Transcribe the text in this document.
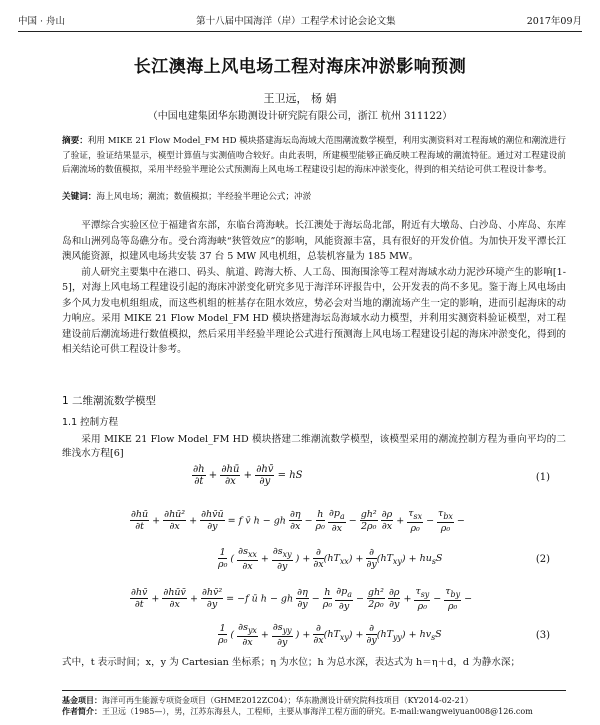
中国 · 舟山	第十八届中国海洋（岸）工程学术讨论会论文集	2017年09月
长江澳海上风电场工程对海床冲淤影响预测
王卫远， 杨 娟
（中国电建集团华东勘测设计研究院有限公司，浙江 杭州 311122）
摘要：利用 MIKE 21 Flow Model_FM HD 模块搭建海坛岛海域大范围潮流数学模型，利用实测资料对工程海域的潮位和潮流进行了验证，验证结果显示，模型计算值与实测值吻合较好。由此表明，所建模型能够正确反映工程海域的潮流特征。通过对工程建设前后潮流场的数值模拟，采用半经验半理论公式预测海上风电场工程建设引起的海床冲淤变化，得到的相关结论可供工程设计参考。
关键词：海上风电场；潮流；数值模拟；半经验半理论公式；冲淤

平潭综合实验区位于福建省东部，东临台湾海峡。长江澳处于海坛岛北部，附近有大墩岛、白沙岛、小库岛、东库岛和山洲列岛等岛礁分布。受台湾海峡“狭管效应”的影响，风能资源丰富，具有很好的开发价值。为加快开发平潭长江澳风能资源，拟建风电场共安装 37 台 5 MW 风电机组，总装机容量为 185 MW。

前人研究主要集中在港口、码头、航道、跨海大桥、人工岛、围海围涂等工程对海域水动力泥沙环境产生的影响[1-5]，对海上风电场工程建设引起的海床冲淤变化研究多见于海洋环评报告中，公开发表的尚不多见。鉴于海上风电场由多个风力发电机组组成，而这些机组的桩基存在阻水效应，势必会对当地的潮流场产生一定的影响，进而引起海床的动力响应。采用 MIKE 21 Flow Model_FM HD 模块搭建海坛岛海域水动力模型，并利用实测资料验证模型，对工程建设前后潮流场进行数值模拟，然后采用半经验半理论公式进行预测海上风电场工程建设引起的海床冲淤变化，得到的相关结论可供工程设计参考。

1 二维潮流数学模型
1.1 控制方程
采用 MIKE 21 Flow Model_FM HD 模块搭建二维潮流数学模型，该模型采用的潮流控制方程为垂向平均的二维浅水方程[6]
$\frac{\partial h}{\partial t} + \frac{\partial hū}{\partial x} + \frac{\partial hv̄}{\partial y}$ = hS	(1)
$\frac{\partial hū}{\partial t} + \frac{\text{∂hū²}}{\partial x} + \frac{\partial hv̄ū}{\partial y} = f$ v̄ h − gh $\frac{\partial\eta}{\partial x} - \frac{h}{\text{ρ₀}}$
$\frac{\partial p_a}{\partial x} - \frac{\text{gh²}}{\text{2ρ₀}}$
$\frac{\partial\rho}{\partial x} + \frac{\tau_{sx}}{\text{ρ₀}} - \frac{\tau_{bx}}{\text{ρ₀}}$ −
$\frac{1}{\text{ρ₀}}$ ( $\frac{\partial s_{xx}}{\partial x} + \frac{\partial s_{xy}}{\partial y}$ ) + $\frac{\partial}{\partial x} (hT_{xx}) + \frac{\partial}{\partial y} (hT_{xy}) + hu_sS$	(2)
$\frac{\partial hv̄}{\partial t} + \frac{\text{∂hūv̄}}{\partial x} + \frac{\text{∂hv̄²}}{\partial y} = -f$ ū h − gh $\frac{\partial\eta}{\partial y} - \frac{h}{\text{ρ₀}}$
$\frac{\partial p_a}{\partial y} - \frac{\text{gh²}}{\text{2ρ₀}}$
$\frac{\partial\rho}{\partial y} + \frac{\tau_{sy}}{\text{ρ₀}} - \frac{\tau_{by}}{\text{ρ₀}}$ −
$\frac{1}{\text{ρ₀}}$ ( $\frac{\partial s_{yx}}{\partial x} + \frac{\partial s_{yy}}{\partial y}$ ) + $\frac{\partial}{\partial x} (hT_{xy}) + \frac{\partial}{\partial y} (hT_{yy}) + hv_sS$	(3)
式中，t 表示时间；x，y 为 Cartesian 坐标系；η 为水位；h 为总水深，表达式为 h＝η＋d，d 为静水深；
基金项目：海洋可再生能源专项资金项目（GHME2012ZC04）；华东勘测设计研究院科技项目（KY2014-02-21）
作者简介：王卫远（1985—），男，江苏东海县人，工程师，主要从事海洋工程方面的研究。E-mail:wangweiyuan008@126.com
